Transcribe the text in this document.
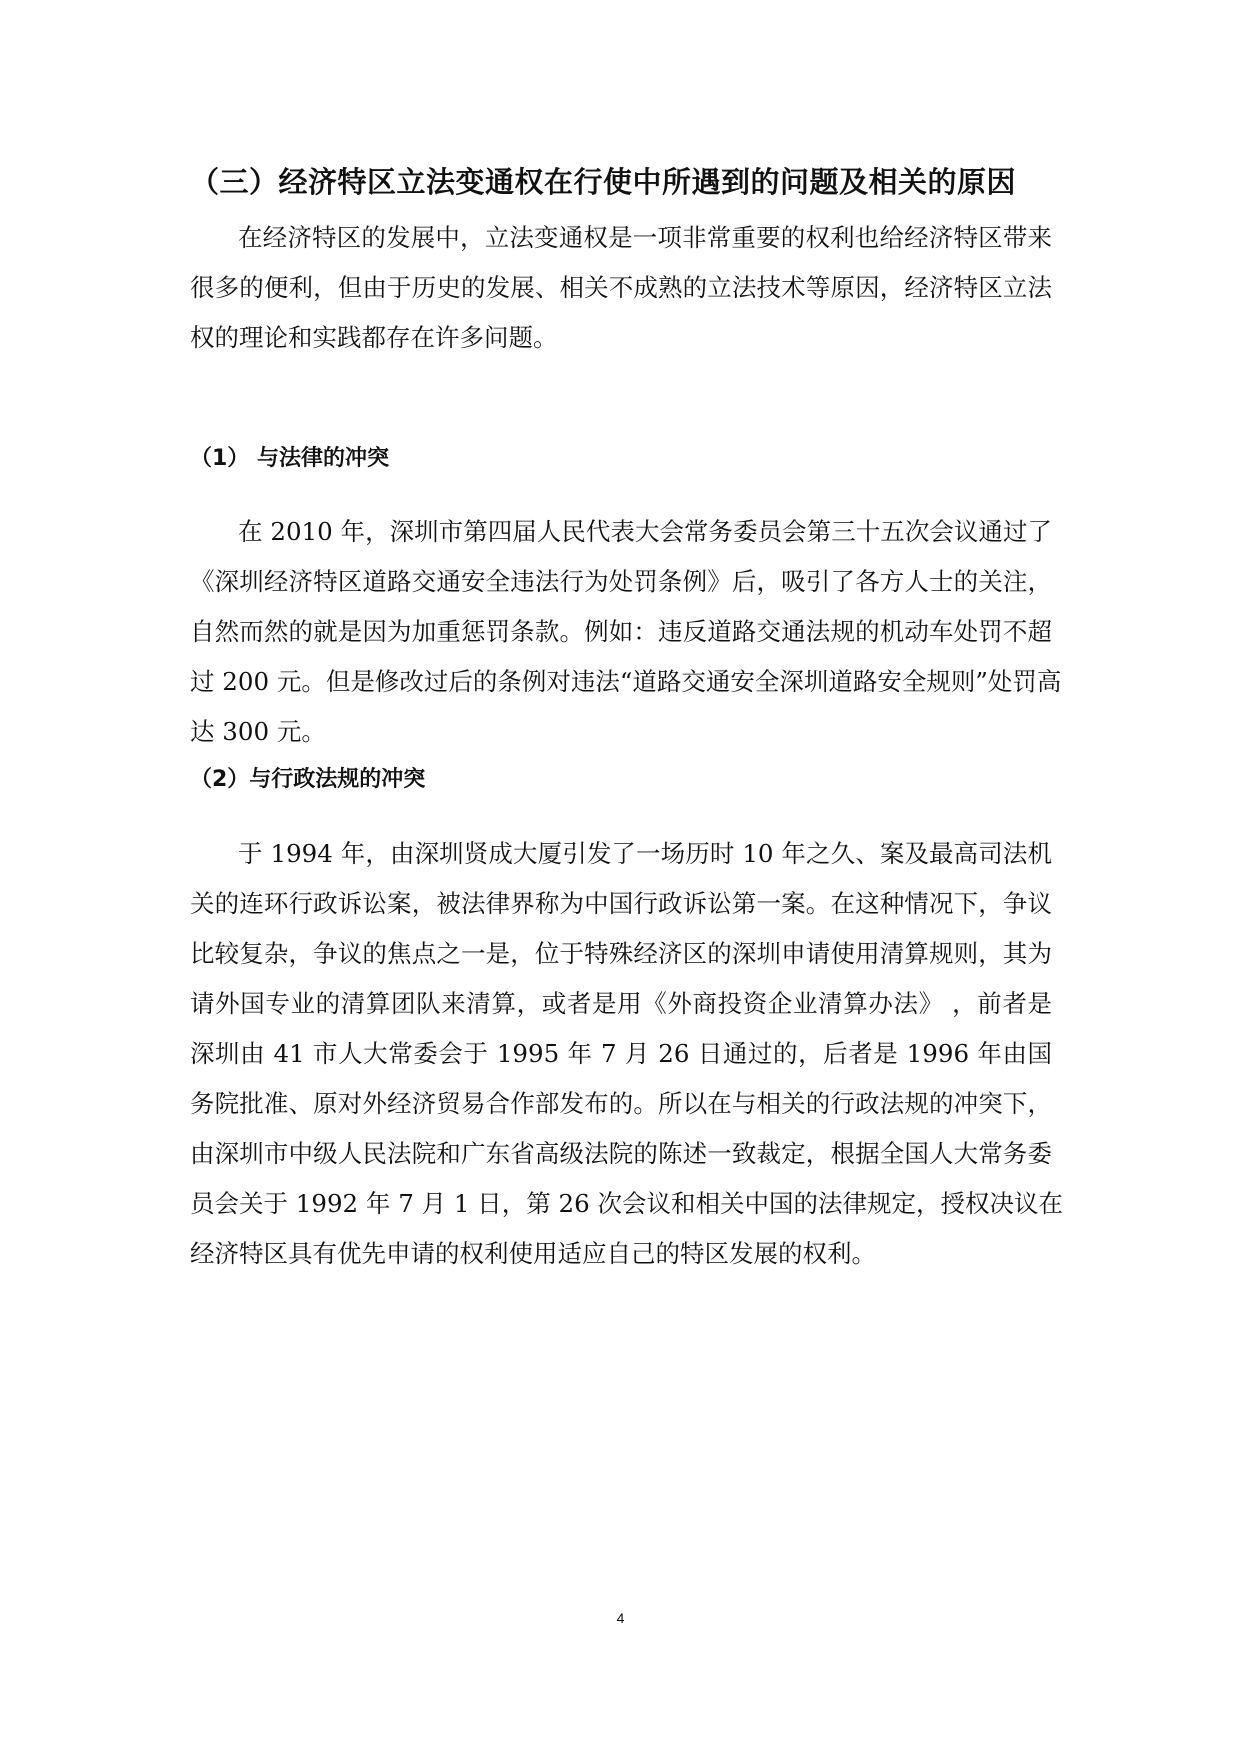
（三）经济特区立法变通权在行使中所遇到的问题及相关的原因
在经济特区的发展中，立法变通权是一项非常重要的权利也给经济特区带来
很多的便利，但由于历史的发展、相关不成熟的立法技术等原因，经济特区立法
权的理论和实践都存在许多问题。
（1） 与法律的冲突
在 2010 年，深圳市第四届人民代表大会常务委员会第三十五次会议通过了
《深圳经济特区道路交通安全违法行为处罚条例》后，吸引了各方人士的关注，
自然而然的就是因为加重惩罚条款。例如：违反道路交通法规的机动车处罚不超
过 200 元。但是修改过后的条例对违法“道路交通安全深圳道路安全规则”处罚高
达 300 元。
（2）与行政法规的冲突
于 1994 年，由深圳贤成大厦引发了一场历时 10 年之久、案及最高司法机
关的连环行政诉讼案，被法律界称为中国行政诉讼第一案。在这种情况下，争议
比较复杂，争议的焦点之一是，位于特殊经济区的深圳申请使用清算规则，其为
请外国专业的清算团队来清算，或者是用《外商投资企业清算办法》 ，前者是
深圳由 41 市人大常委会于 1995 年 7 月 26 日通过的，后者是 1996 年由国
务院批准、原对外经济贸易合作部发布的。所以在与相关的行政法规的冲突下，
由深圳市中级人民法院和广东省高级法院的陈述一致裁定，根据全国人大常务委
员会关于 1992 年 7 月 1 日，第 26 次会议和相关中国的法律规定，授权决议在
经济特区具有优先申请的权利使用适应自己的特区发展的权利。
4
